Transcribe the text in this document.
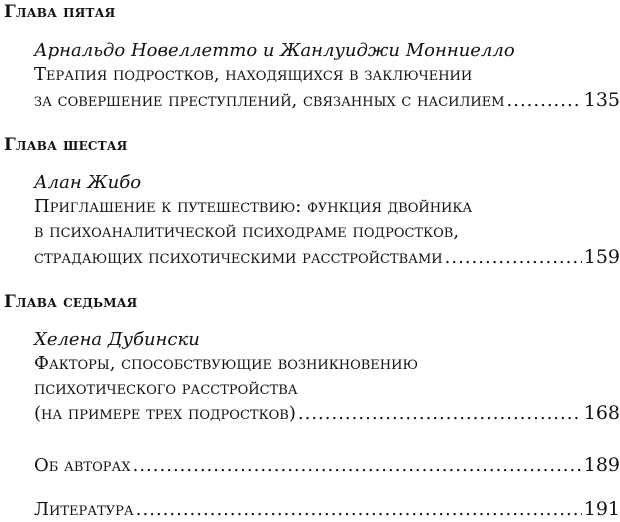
Глава пятая
Арнальдо Новеллетто и Жанлуиджи Монниелло
Терапия подростков, находящихся в заключении
за совершение преступлений, связанных с насилием .....	135
Глава шестая
Алан Жибо
Приглашение к путешествию: функция двойника
в психоаналитической психодраме подростков,
страдающих психотическими расстройствами .....	159
Глава седьмая
Хелена Дубински
Факторы, способствующие возникновению
психотического расстройства
(на примере трех подростков) .....	168
Об авторах .....	189
Литература .....	191
